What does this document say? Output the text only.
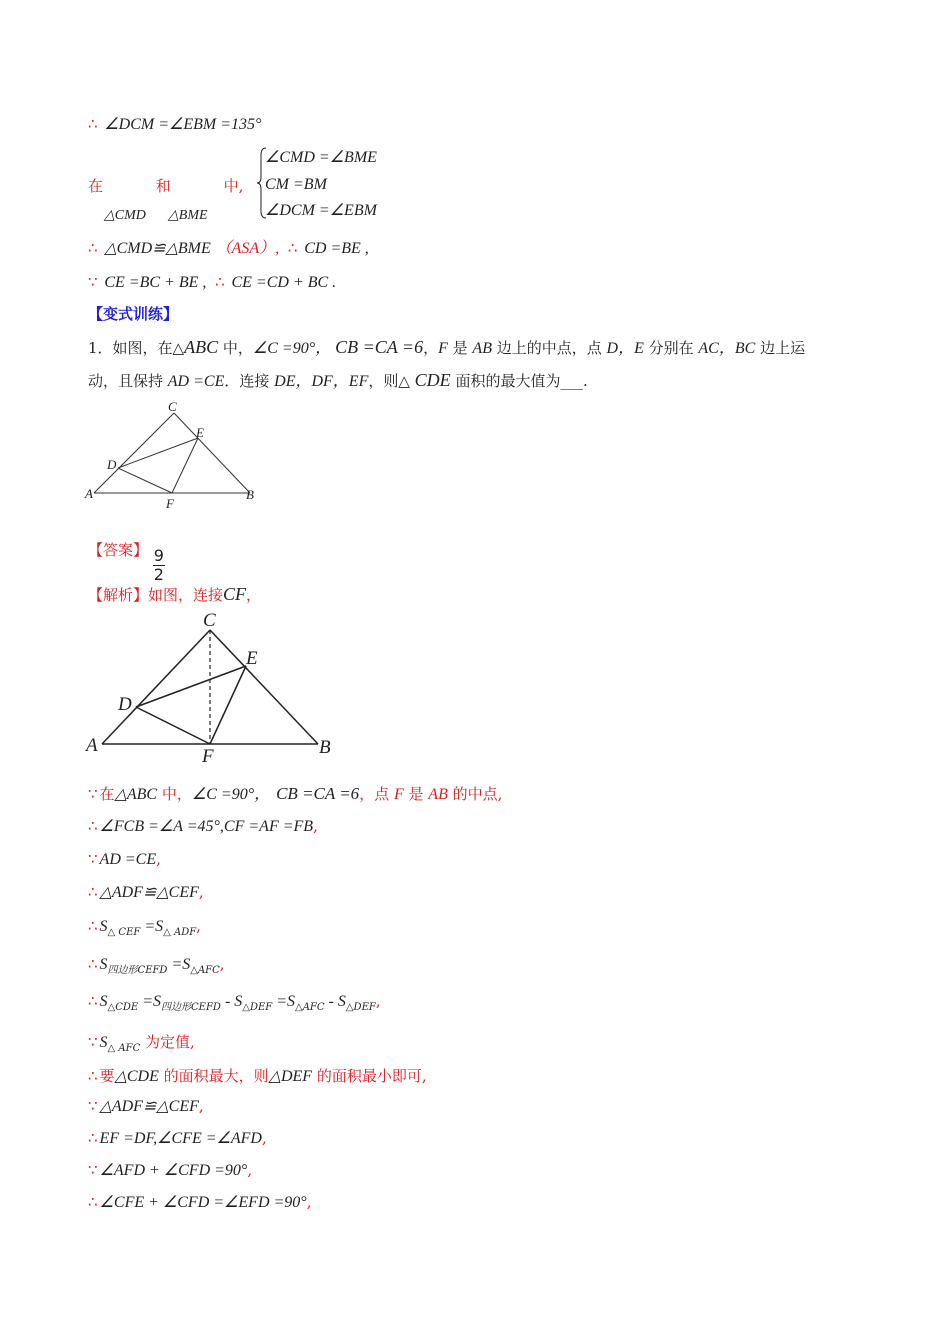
∴ ∠DCM =∠EBM =135°
在	和	中,
△CMD △BME
∠CMD =∠BME
CM =BM
∠DCM =∠EBM
∴ △CMD≌△BME （ASA）, ∴ CD =BE ,
∵ CE =BC + BE , ∴ CE =CD + BC .
【变式训练】
1．如图，在△ABC 中，∠C =90°， CB =CA =6，F 是 AB 边上的中点，点 D，E 分别在 AC，BC 边上运
动，且保持 AD =CE．连接 DE，DF，EF，则△ CDE 面积的最大值为___.
C
E
D
A
F
B
【答案】 $\frac{9}{2}$
【解析】如图，连接CF，
C
E
D
A
F	B
∵ 在△ABC 中，∠C =90°， CB =CA =6，点 F 是 AB 的中点,
∴ ∠FCB =∠A =45°,CF =AF =FB,
∵ AD =CE,
∴ △ADF≌△CEF,
∴ $S_{\triangle CEF} =S_{\triangle ADF}$,
∴ $S_{四边形CEFD} =S_{\triangle AFC}$,
∴ $S_{\triangle CDE} =S_{四边形CEFD} - S_{\triangle DEF} =S_{\triangle AFC} - S_{\triangle DEF}$,
∵ $S_{\triangle AFC}$ 为定值,
∴ 要△CDE 的面积最大，则△DEF 的面积最小即可,
∵ △ADF≌△CEF,
∴ EF =DF,∠CFE =∠AFD,
∵ ∠AFD + ∠CFD =90°,
∴ ∠CFE + ∠CFD =∠EFD =90°,
